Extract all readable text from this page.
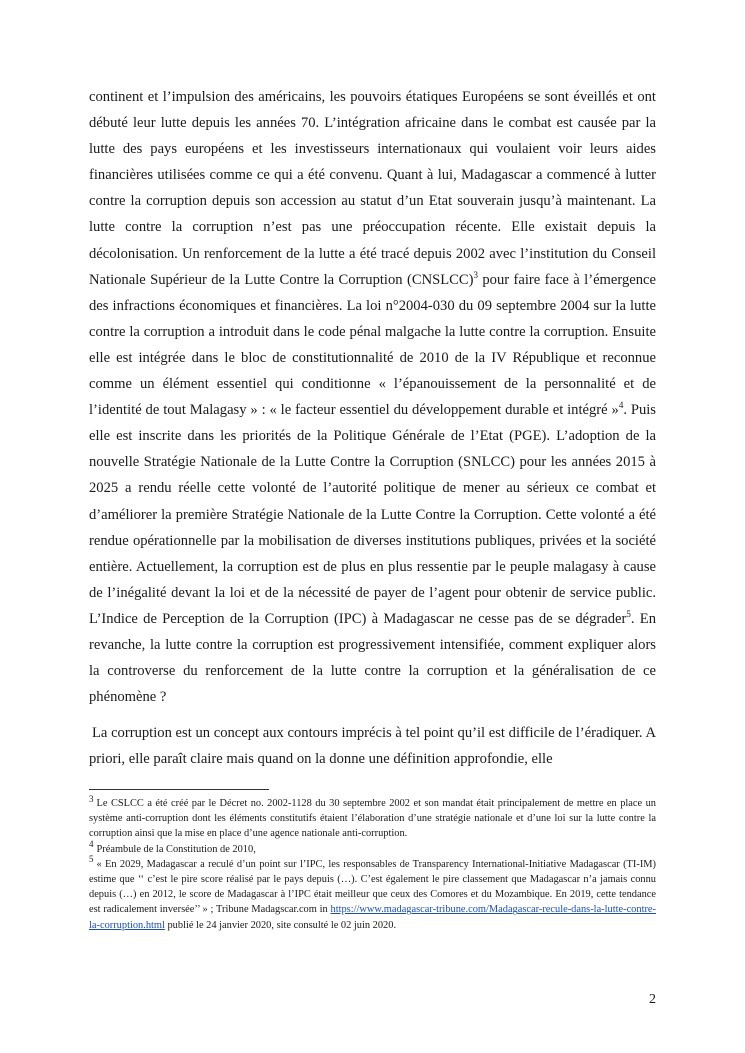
continent et l’impulsion des américains, les pouvoirs étatiques Européens se sont éveillés et ont débuté leur lutte depuis les années 70. L’intégration africaine dans le combat est causée par la lutte des pays européens et les investisseurs internationaux qui voulaient voir leurs aides financières utilisées comme ce qui a été convenu. Quant à lui, Madagascar a commencé à lutter contre la corruption depuis son accession au statut d’un Etat souverain jusqu’à maintenant. La lutte contre la corruption n’est pas une préoccupation récente. Elle existait depuis la décolonisation. Un renforcement de la lutte a été tracé depuis 2002 avec l’institution du Conseil Nationale Supérieur de la Lutte Contre la Corruption (CNSLCC)$^3$ pour faire face à l’émergence des infractions économiques et financières. La loi n°2004-030 du 09 septembre 2004 sur la lutte contre la corruption a introduit dans le code pénal malgache la lutte contre la corruption. Ensuite elle est intégrée dans le bloc de constitutionnalité de 2010 de la IV République et reconnue comme un élément essentiel qui conditionne « l’épanouissement de la personnalité et de l’identité de tout Malagasy » : « le facteur essentiel du développement durable et intégré »$^4$. Puis elle est inscrite dans les priorités de la Politique Générale de l’Etat (PGE). L’adoption de la nouvelle Stratégie Nationale de la Lutte Contre la Corruption (SNLCC) pour les années 2015 à 2025 a rendu réelle cette volonté de l’autorité politique de mener au sérieux ce combat et d’améliorer la première Stratégie Nationale de la Lutte Contre la Corruption. Cette volonté a été rendue opérationnelle par la mobilisation de diverses institutions publiques, privées et la société entière. Actuellement, la corruption est de plus en plus ressentie par le peuple malagasy à cause de l’inégalité devant la loi et de la nécessité de payer de l’agent pour obtenir de service public. L’Indice de Perception de la Corruption (IPC) à Madagascar ne cesse pas de se dégrader$^5$. En revanche, la lutte contre la corruption est progressivement intensifiée, comment expliquer alors la controverse du renforcement de la lutte contre la corruption et la généralisation de ce phénomène ?

La corruption est un concept aux contours imprécis à tel point qu’il est difficile de l’éradiquer. A priori, elle paraît claire mais quand on la donne une définition approfondie, elle

3 Le CSLCC a été créé par le Décret no. 2002-1128 du 30 septembre 2002 et son mandat était principalement de mettre en place un système anti-corruption dont les éléments constitutifs étaient l’élaboration d’une stratégie nationale et d’une loi sur la lutte contre la corruption ainsi que la mise en place d’une agence nationale anti-corruption.

4 Préambule de la Constitution de 2010,

5 « En 2029, Madagascar a reculé d’un point sur l’IPC, les responsables de Transparency International-Initiative Madagascar (TI-IM) estime que ‘‘ c’est le pire score réalisé par le pays depuis (…). C’est également le pire classement que Madagascar n’a jamais connu depuis (…) en 2012, le score de Madagascar à l’IPC était meilleur que ceux des Comores et du Mozambique. En 2019, cette tendance est radicalement inversée’’ » ; Tribune Madagscar.com in https://www.madagascar-tribune.com/Madagascar-recule-dans-la-lutte-contre-la-corruption.html publié le 24 janvier 2020, site consulté le 02 juin 2020.

2
